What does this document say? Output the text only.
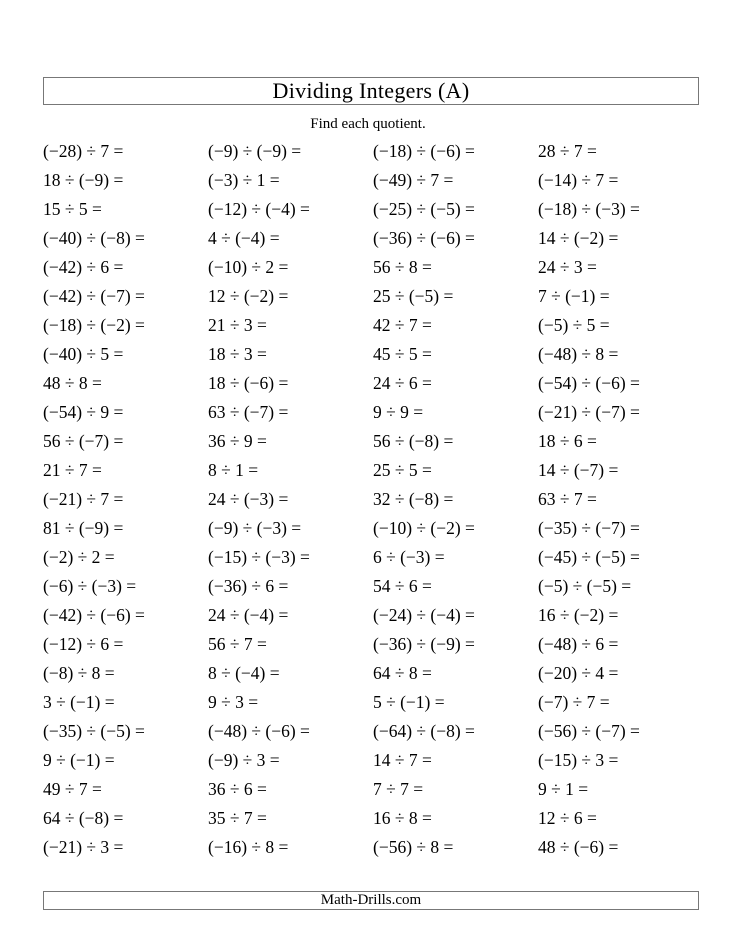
Dividing Integers (A)
Find each quotient.
(−28) ÷ 7 =	(−9) ÷ (−9) =	(−18) ÷ (−6) =	28 ÷ 7 =
18 ÷ (−9) =	(−3) ÷ 1 =	(−49) ÷ 7 =	(−14) ÷ 7 =
15 ÷ 5 =	(−12) ÷ (−4) =	(−25) ÷ (−5) =	(−18) ÷ (−3) =
(−40) ÷ (−8) =	4 ÷ (−4) =	(−36) ÷ (−6) =	14 ÷ (−2) =
(−42) ÷ 6 =	(−10) ÷ 2 =	56 ÷ 8 =	24 ÷ 3 =
(−42) ÷ (−7) =	12 ÷ (−2) =	25 ÷ (−5) =	7 ÷ (−1) =
(−18) ÷ (−2) =	21 ÷ 3 =	42 ÷ 7 =	(−5) ÷ 5 =
(−40) ÷ 5 =	18 ÷ 3 =	45 ÷ 5 =	(−48) ÷ 8 =
48 ÷ 8 =	18 ÷ (−6) =	24 ÷ 6 =	(−54) ÷ (−6) =
(−54) ÷ 9 =	63 ÷ (−7) =	9 ÷ 9 =	(−21) ÷ (−7) =
56 ÷ (−7) =	36 ÷ 9 =	56 ÷ (−8) =	18 ÷ 6 =
21 ÷ 7 =	8 ÷ 1 =	25 ÷ 5 =	14 ÷ (−7) =
(−21) ÷ 7 =	24 ÷ (−3) =	32 ÷ (−8) =	63 ÷ 7 =
81 ÷ (−9) =	(−9) ÷ (−3) =	(−10) ÷ (−2) =	(−35) ÷ (−7) =
(−2) ÷ 2 =	(−15) ÷ (−3) =	6 ÷ (−3) =	(−45) ÷ (−5) =
(−6) ÷ (−3) =	(−36) ÷ 6 =	54 ÷ 6 =	(−5) ÷ (−5) =
(−42) ÷ (−6) =	24 ÷ (−4) =	(−24) ÷ (−4) =	16 ÷ (−2) =
(−12) ÷ 6 =	56 ÷ 7 =	(−36) ÷ (−9) =	(−48) ÷ 6 =
(−8) ÷ 8 =	8 ÷ (−4) =	64 ÷ 8 =	(−20) ÷ 4 =
3 ÷ (−1) =	9 ÷ 3 =	5 ÷ (−1) =	(−7) ÷ 7 =
(−35) ÷ (−5) =	(−48) ÷ (−6) =	(−64) ÷ (−8) =	(−56) ÷ (−7) =
9 ÷ (−1) =	(−9) ÷ 3 =	14 ÷ 7 =	(−15) ÷ 3 =
49 ÷ 7 =	36 ÷ 6 =	7 ÷ 7 =	9 ÷ 1 =
64 ÷ (−8) =	35 ÷ 7 =	16 ÷ 8 =	12 ÷ 6 =
(−21) ÷ 3 =	(−16) ÷ 8 =	(−56) ÷ 8 =	48 ÷ (−6) =
Math-Drills.com
